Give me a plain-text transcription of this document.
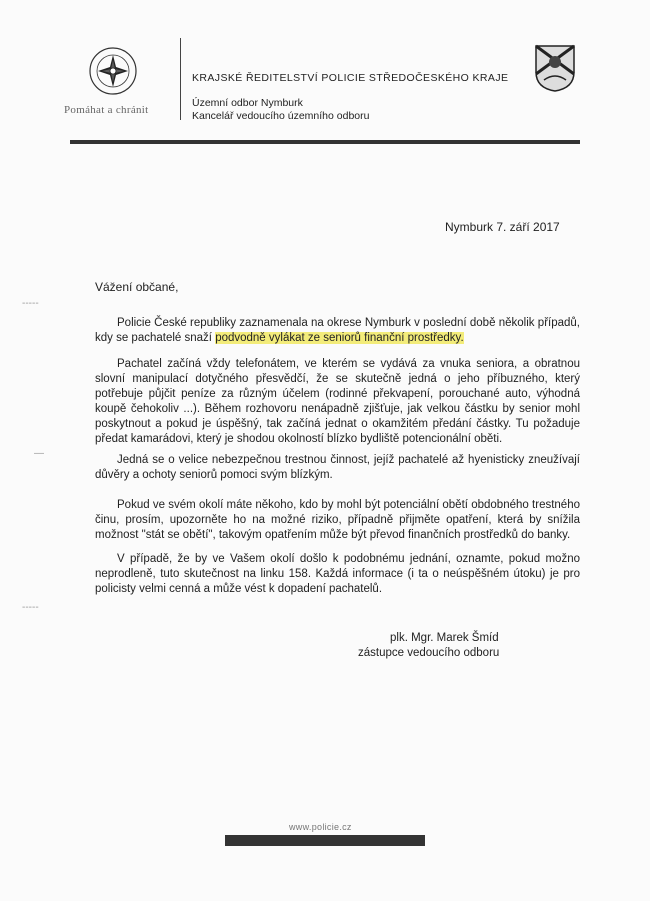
Pomáhat a chránit
KRAJSKÉ ŘEDITELSTVÍ POLICIE STŘEDOČESKÉHO KRAJE
Územní odbor Nymburk
Kancelář vedoucího územního odboru
Nymburk 7. září 2017
Vážení občané,
-----
Policie České republiky zaznamenala na okrese Nymburk v poslední době několik případů, kdy se pachatelé snaží podvodně vylákat ze seniorů finanční prostředky.
Pachatel začíná vždy telefonátem, ve kterém se vydává za vnuka seniora, a obratnou slovní manipulací dotyčného přesvědčí, že se skutečně jedná o jeho příbuzného, který potřebuje půjčit peníze za různým účelem (rodinné překvapení, porouchané auto, výhodná koupě čehokoliv ...). Během rozhovoru nenápadně zjišťuje, jak velkou částku by senior mohl poskytnout a pokud je úspěšný, tak začíná jednat o okamžitém předání částky. Tu požaduje předat kamarádovi, který je shodou okolností blízko bydliště potencionální oběti.
—
Jedná se o velice nebezpečnou trestnou činnost, jejíž pachatelé až hyenisticky zneužívají důvěry a ochoty seniorů pomoci svým blízkým.
Pokud ve svém okolí máte někoho, kdo by mohl být potenciální obětí obdobného trestného činu, prosím, upozorněte ho na možné riziko, případně přijměte opatření, která by snížila možnost "stát se obětí", takovým opatřením může být převod finančních prostředků do banky.
V případě, že by ve Vašem okolí došlo k podobnému jednání, oznamte, pokud možno neprodleně, tuto skutečnost na linku 158. Každá informace (i ta o neúspěšném útoku) je pro policisty velmi cenná a může vést k dopadení pachatelů.
-----
plk. Mgr. Marek Šmíd
zástupce vedoucího odboru
www.policie.cz
